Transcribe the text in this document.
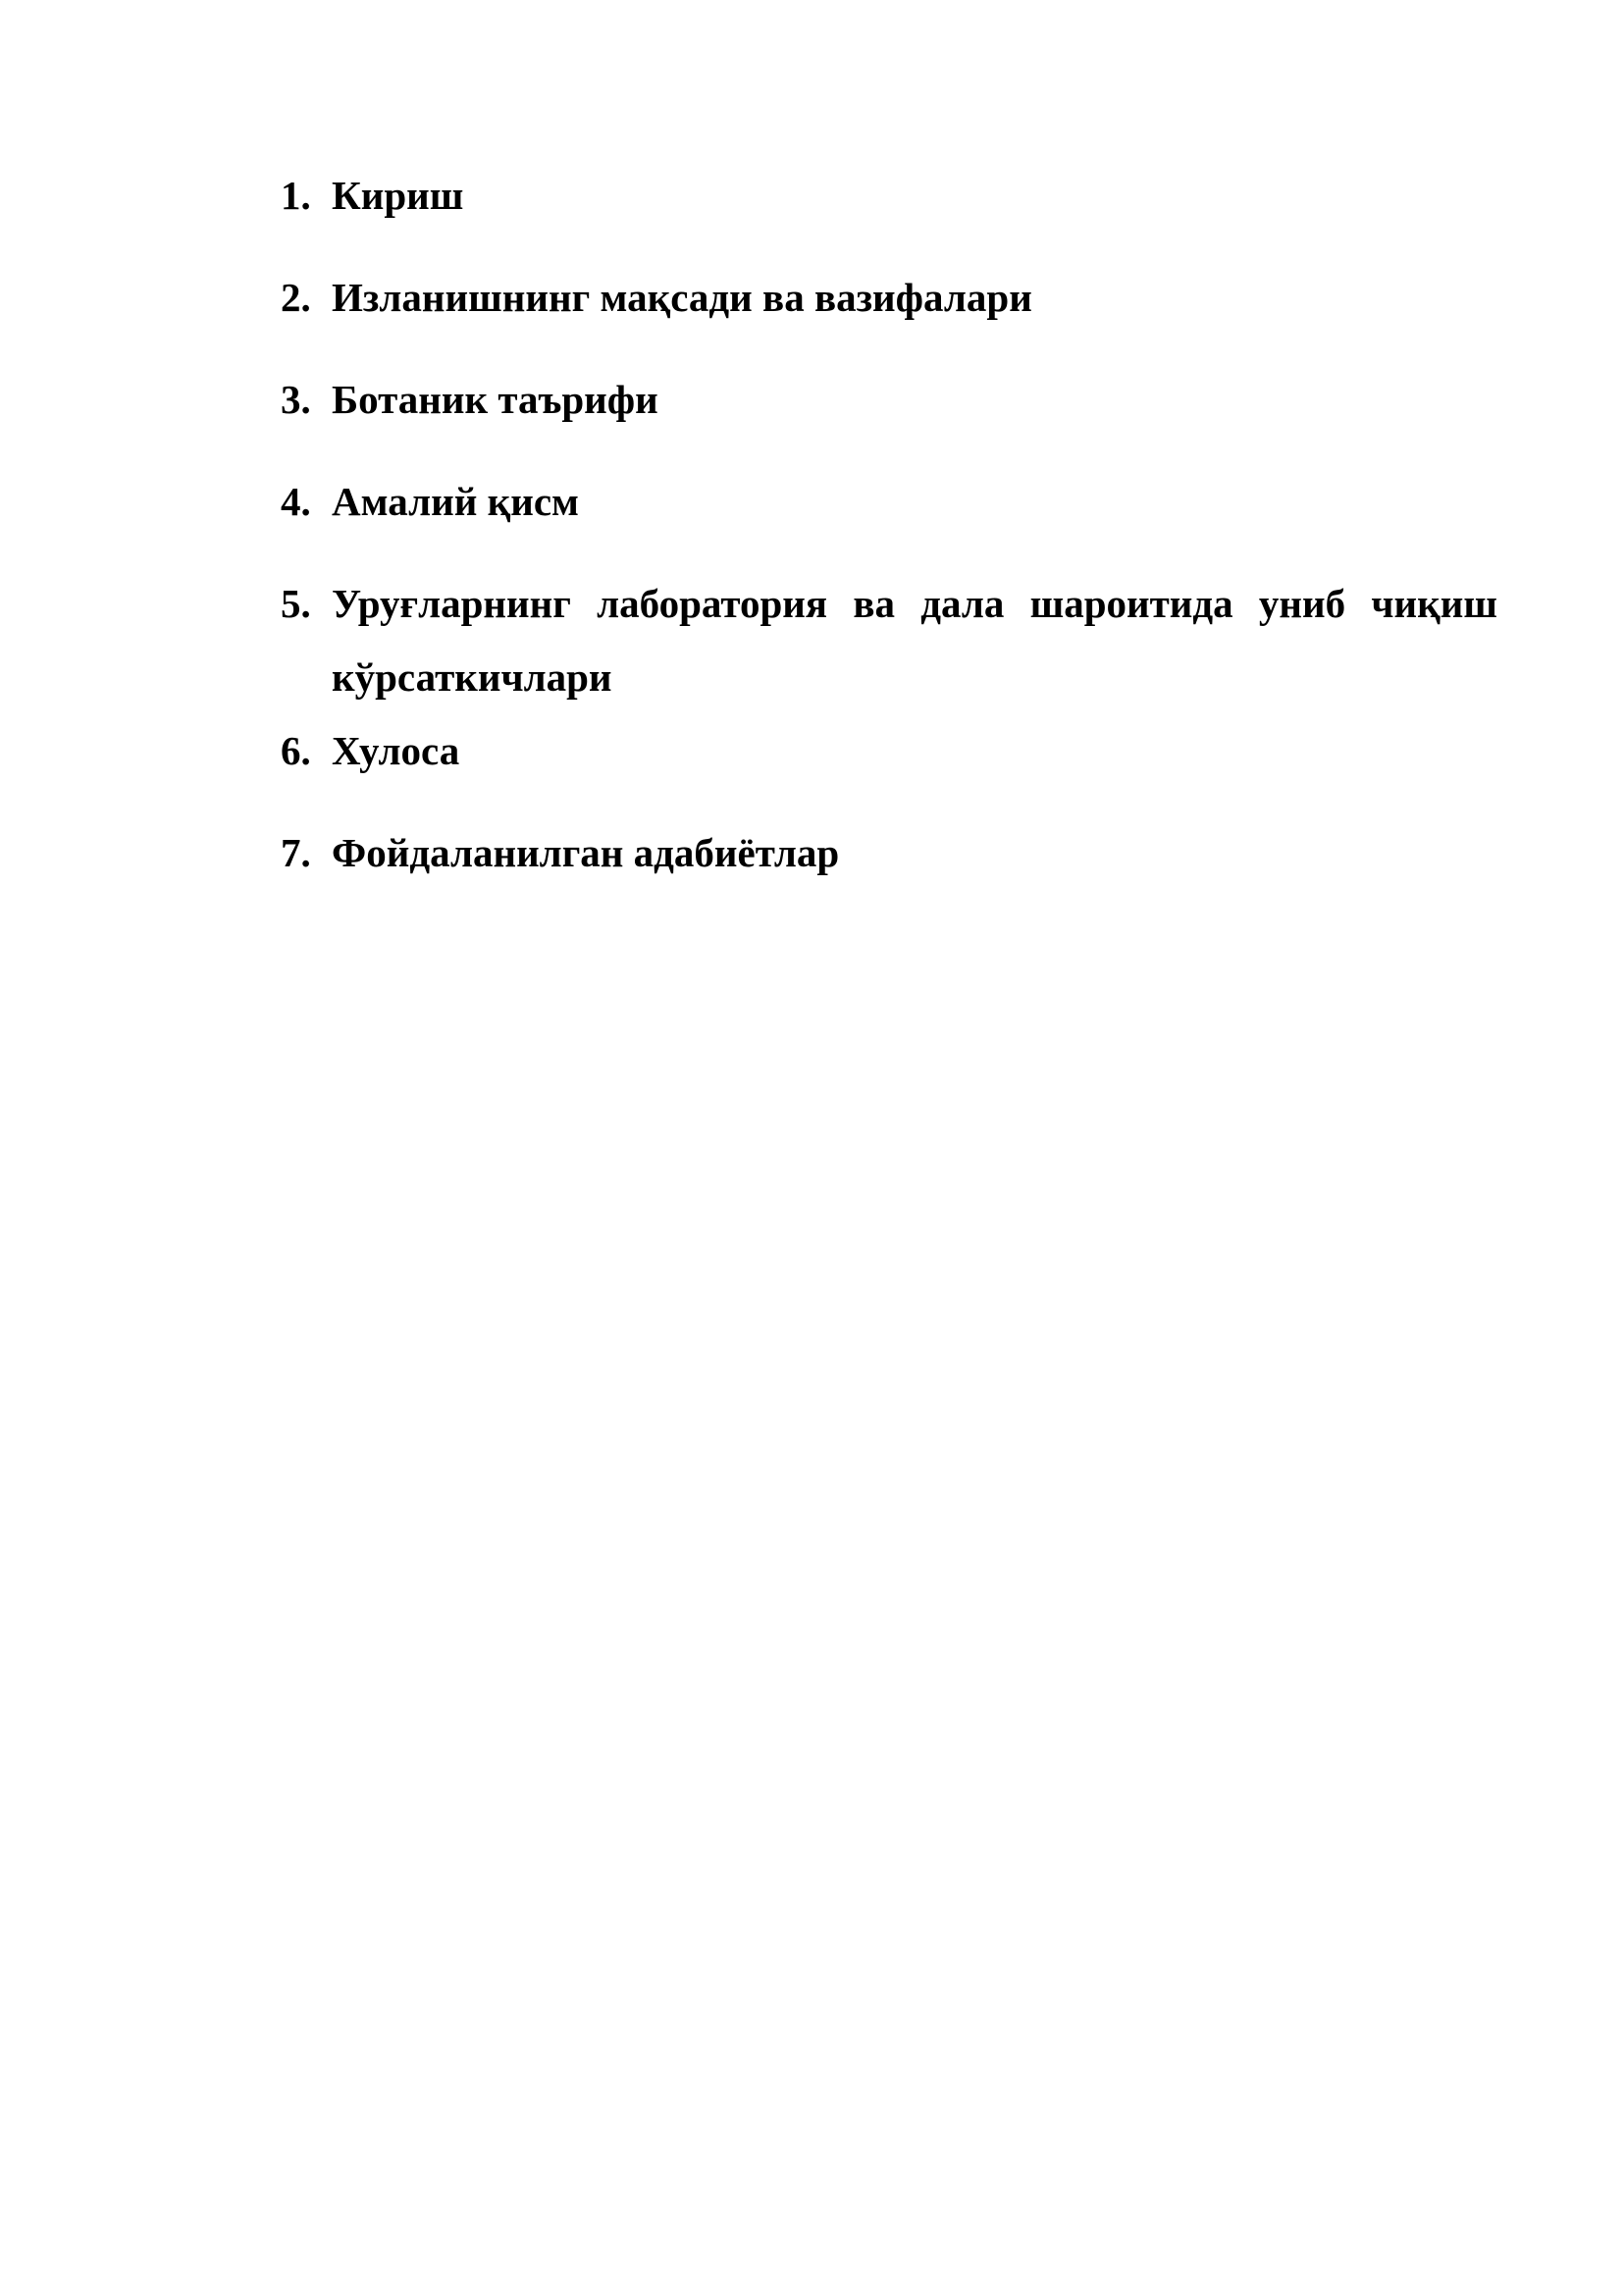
1. Кириш
2. Изланишнинг мақсади ва вазифалари
3. Ботаник таърифи
4. Амалий қисм
5. Уруғларнинг лаборатория ва дала шароитида униб чиқиш кўрсаткичлари
6. Хулоса
7. Фойдаланилган адабиётлар
